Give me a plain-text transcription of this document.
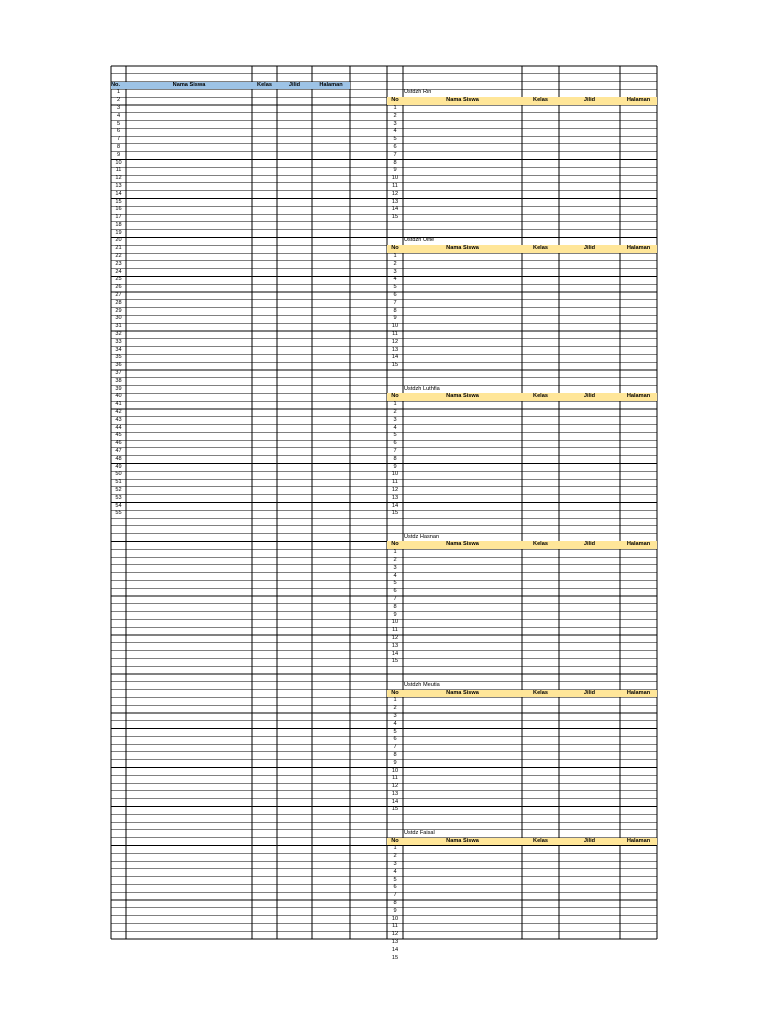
No.	Nama Siswa	Kelas	Jilid	Halaman
1
2
3
4
5
6
7
8
9
10
11
12
13
14
15
16
17
18
19
20
21
22
23
24
25
26
27
28
29
30
31
32
33
34
35
36
37
38
39
40
41
42
43
44
45
46
47
48
49
50
51
52
53
54
55
Ustdzh Rin
No	Nama Siswa	Kelas	Jilid	Halaman
1
2
3
4
5
6
7
8
9
10
11
12
13
14
15
Ustdzh Ulfie
No	Nama Siswa	Kelas	Jilid	Halaman
1
2
3
4
5
6
7
8
9
10
11
12
13
14
15
Ustdzh Luthfia
No	Nama Siswa	Kelas	Jilid	Halaman
1
2
3
4
5
6
7
8
9
10
11
12
13
14
15
Ustdz Hasnan
No	Nama Siswa	Kelas	Jilid	Halaman
1
2
3
4
5
6
7
8
9
10
11
12
13
14
15
Ustdzh Meutia
No	Nama Siswa	Kelas	Jilid	Halaman
1
2
3
4
5
6
7
8
9
10
11
12
13
14
15
Ustdz Faisal
No	Nama Siswa	Kelas	Jilid	Halaman
1
2
3
4
5
6
7
8
9
10
11
12
13
14
15
